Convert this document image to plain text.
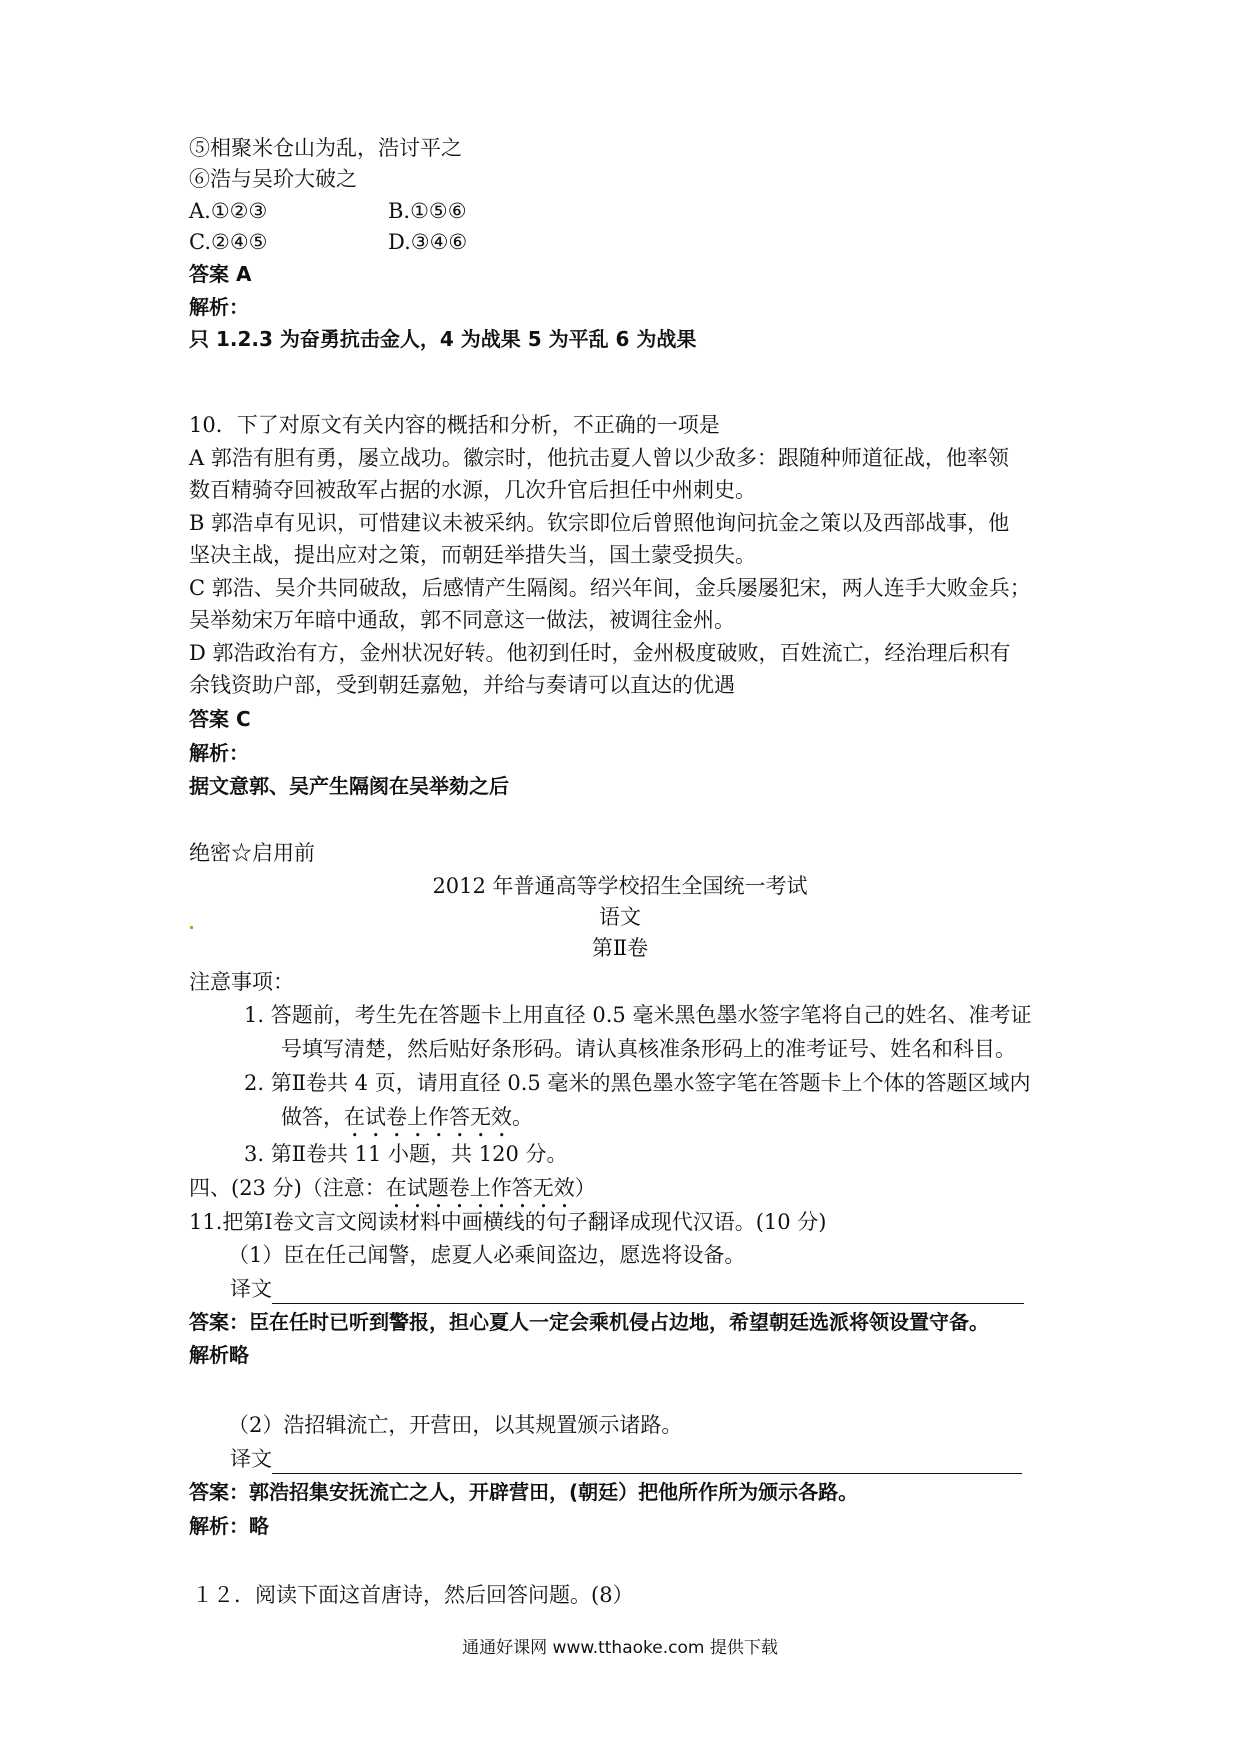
⑤相聚米仓山为乱，浩讨平之
⑥浩与吴玠大破之
A.①②③	B.①⑤⑥
C.②④⑤	D.③④⑥
答案 A
解析：
只 1.2.3 为奋勇抗击金人，4 为战果 5 为平乱 6 为战果
10．下了对原文有关内容的概括和分析，不正确的一项是
A 郭浩有胆有勇，屡立战功。徽宗时，他抗击夏人曾以少敌多：跟随种师道征战，他率领
数百精骑夺回被敌军占据的水源，几次升官后担任中州刺史。
B 郭浩卓有见识，可惜建议未被采纳。钦宗即位后曾照他询问抗金之策以及西部战事，他
坚决主战，提出应对之策，而朝廷举措失当，国土蒙受损失。
C 郭浩、吴介共同破敌，后感情产生隔阂。绍兴年间，金兵屡屡犯宋，两人连手大败金兵；
吴举劾宋万年暗中通敌，郭不同意这一做法，被调往金州。
D 郭浩政治有方，金州状况好转。他初到任时，金州极度破败，百姓流亡，经治理后积有
余钱资助户部，受到朝廷嘉勉，并给与奏请可以直达的优遇
答案 C
解析：
据文意郭、吴产生隔阂在吴举劾之后
绝密☆启用前
2012 年普通高等学校招生全国统一考试
语文
第Ⅱ卷
注意事项：
1. 答题前，考生先在答题卡上用直径 0.5 毫米黑色墨水签字笔将自己的姓名、准考证
号填写清楚，然后贴好条形码。请认真核准条形码上的准考证号、姓名和科目。
2. 第Ⅱ卷共 4 页，请用直径 0.5 毫米的黑色墨水签字笔在答题卡上个体的答题区域内
做答，在试卷上作答无效。
3. 第Ⅱ卷共 11 小题，共 120 分。
四、(23 分)（注意：在试题卷上作答无效）
11.把第Ⅰ卷文言文阅读材料中画横线的句子翻译成现代汉语。(10 分)
（1）臣在任己闻警，虑夏人必乘间盗边，愿选将设备。
译文
答案：臣在任时已听到警报，担心夏人一定会乘机侵占边地，希望朝廷选派将领设置守备。
解析略
（2）浩招辑流亡，开营田，以其规置颁示诸路。
译文
答案：郭浩招集安抚流亡之人，开辟营田，(朝廷）把他所作所为颁示各路。
解析：略
１２．阅读下面这首唐诗，然后回答问题。(8）
通通好课网 www.tthaoke.com 提供下载
